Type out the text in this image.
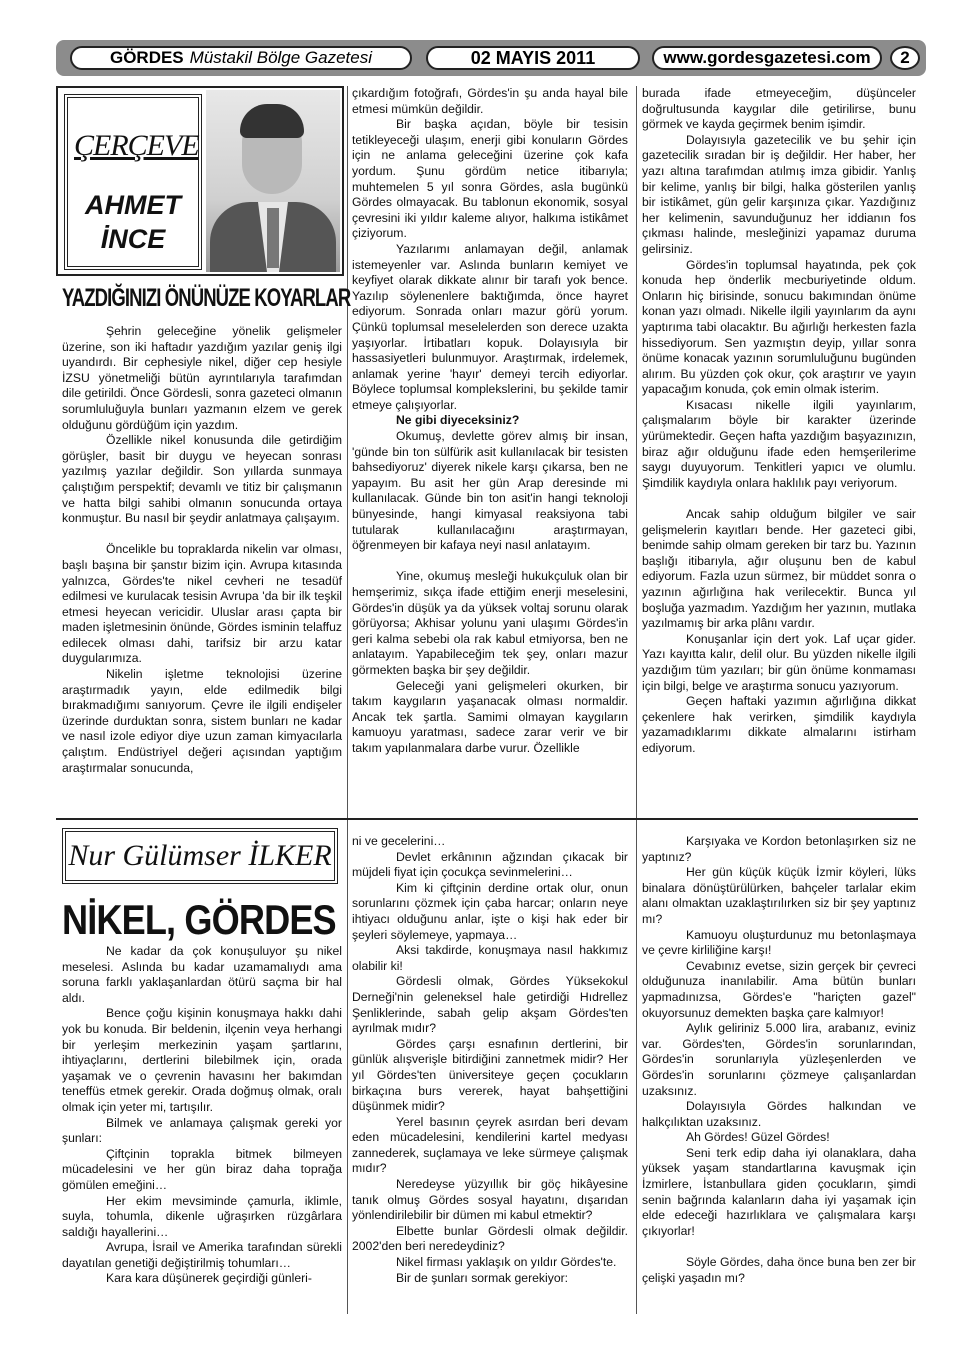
GÖRDES Müstakil Bölge Gazetesi	02 MAYIS 2011	www.gordesgazetesi.com	2
ÇERÇEVE
AHMET İNCE
YAZDIĞINIZI ÖNÜNÜZE KOYARLAR

Şehrin geleceğine yönelik gelişmeler üzerine, son iki haftadır yazdığım yazılar geniş ilgi uyandırdı. Bir cephesiyle nikel, diğer cep hesiyle İZSU yönetmeliği bütün ayrıntılarıyla tarafımdan dile getirildi. Önce Gördesli, sonra gazeteci olmanın sorumluluğuyla bunları yazmanın elzem ve gerek olduğunu gördüğüm için yazdım.

Özellikle nikel konusunda dile getirdiğim görüşler, basit bir duygu ve heyecan sonrası yazılmış yazılar değildir. Son yıllarda sunmaya çalıştığım perspektif; devamlı ve titiz bir çalışmanın ve hatta bilgi sahibi olmanın sonucunda ortaya konmuştur. Bu nasıl bir şeydir anlatmaya çalışayım.

Öncelikle bu topraklarda nikelin var olması, başlı başına bir şanstır bizim için. Avrupa kıtasında yalnızca, Gördes'te nikel cevheri ne tesadüf edilmesi ve kurulacak tesisin Avrupa 'da bir ilk teşkil etmesi heyecan vericidir. Uluslar arası çapta bir maden işletmesinin önünde, Gördes isminin telaffuz edilecek olması dahi, tarifsiz bir arzu katar duygularımıza.

Nikelin işletme teknolojisi üzerine araştırmadık yayın, elde edilmedik bilgi bırakmadığımı sanıyorum. Çevre ile ilgili endişeler üzerinde durduktan sonra, sistem bunları ne kadar ve nasıl izole ediyor diye uzun zaman kimyacılarla çalıştım. Endüstriyel değeri açısından yaptığım araştırmalar sonucunda,

çıkardığım fotoğrafı, Gördes'in şu anda hayal bile etmesi mümkün değildir.

Bir başka açıdan, böyle bir tesisin tetikleyeceği ulaşım, enerji gibi konuların Gördes için ne anlama geleceğini üzerine çok kafa yordum. Şunu gördüm netice itibarıyla; muhtemelen 5 yıl sonra Gördes, asla bugünkü Gördes olmayacak. Bu tablonun ekonomik, sosyal çevresini iki yıldır kaleme alıyor, halkıma istikâmet çiziyorum.

Yazılarımı anlamayan değil, anlamak istemeyenler var. Aslında bunların kemiyet ve keyfiyet olarak dikkate alınır bir tarafı yok bence. Yazılıp söylenenlere baktığımda, önce hayret ediyorum. Sonrada onları mazur görü yorum. Çünkü toplumsal meselelerden son derece uzakta yaşıyorlar. İrtibatları kopuk. Dolayısıyla bir hassasiyetleri bulunmuyor. Araştırmak, irdelemek, anlamak yerine 'hayır' demeyi tercih ediyorlar. Böylece toplumsal komplekslerini, bu şekilde tamir etmeye çalışıyorlar.

Ne gibi diyeceksiniz?

Okumuş, devlette görev almış bir insan, 'günde bin ton sülfürik asit kullanılacak bir tesisten bahsediyoruz' diyerek nikele karşı çıkarsa, ben ne yapayım. Bu asit her gün Arap deresinde mi kullanılacak. Günde bin ton asit'in hangi teknoloji bünyesinde, hangi kimyasal reaksiyona tabi tutularak kullanılacağını araştırmayan, öğrenmeyen bir kafaya neyi nasıl anlatayım.

Yine, okumuş mesleği hukukçuluk olan bir hemşerimiz, sıkça ifade ettiğim enerji meselesini, Gördes'in düşük ya da yüksek voltaj sorunu olarak görüyorsa; Akhisar yolunu yani ulaşımı Gördes'in geri kalma sebebi ola rak kabul etmiyorsa, ben ne anlatayım. Yapabileceğim tek şey, onları mazur görmekten başka bir şey değildir.

Geleceği yani gelişmeleri okurken, bir takım kaygıların yaşanacak olması normaldir. Ancak tek şartla. Samimi olmayan kaygıların kamuoyu yaratması, sadece zarar verir ve bir takım yapılanmalara darbe vurur. Özellikle

burada ifade etmeyeceğim, düşünceler doğrultusunda kaygılar dile getirilirse, bunu görmek ve kayda geçirmek benim işimdir.

Dolayısıyla gazetecilik ve bu şehir için gazetecilik sıradan bir iş değildir. Her haber, her yazı altına tarafımdan atılmış imza gibidir. Yanlış bir kelime, yanlış bir bilgi, halka gösterilen yanlış bir istikâmet, gün gelir karşınıza çıkar. Yazdığınız her kelimenin, savunduğunuz her iddianın fos çıkması halinde, mesleğinizi yapamaz duruma gelirsiniz.

Gördes'in toplumsal hayatında, pek çok konuda hep önderlik mecburiyetinde oldum. Onların hiç birisinde, sonucu bakımından önüme konan yazı olmadı. Nikelle ilgili yayınlarım da aynı yaptırıma tabi olacaktır. Bu ağırlığı herkesten fazla hissediyorum. Sen yazmıştın deyip, yıllar sonra önüme konacak yazının sorumluluğunu bugünden alırım. Bu yüzden çok okur, çok araştırır ve yayın yapacağım konuda, çok emin olmak isterim.

Kısacası nikelle ilgili yayınlarım, çalışmalarım böyle bir karakter üzerinde yürümektedir. Geçen hafta yazdığım başyazınızın, biraz ağır olduğunu ifade eden hemşerilerime saygı duyuyorum. Tenkitleri yapıcı ve olumlu. Şimdilik kaydıyla onlara haklılık payı veriyorum.

Ancak sahip olduğum bilgiler ve sair gelişmelerin kayıtları bende. Her gazeteci gibi, benimde sahip olmam gereken bir tarz bu. Yazının başlığı itibarıyla, ağır oluşunu ben de kabul ediyorum. Fazla uzun sürmez, bir müddet sonra o yazının ağırlığına hak verilecektir. Bunca yıl boşluğa yazmadım. Yazdığım her yazının, mutlaka yazılmamış bir arka plânı vardır.

Konuşanlar için dert yok. Laf uçar gider. Yazı kayıtta kalır, delil olur. Bu yüzden nikelle ilgili yazdığım tüm yazıları; bir gün önüme konmaması için bilgi, belge ve araştırma sonucu yazıyorum.

Geçen haftaki yazımın ağırlığına dikkat çekenlere hak verirken, şimdilik kaydıyla yazamadıklarımı dikkate almalarını istirham ediyorum.

Nur Gülümser İLKER
NİKEL, GÖRDES

Ne kadar da çok konuşuluyor şu nikel meselesi. Aslında bu kadar uzamamalıydı ama soruna farklı yaklaşanlardan ötürü saçma bir hal aldı.

Bence çoğu kişinin konuşmaya hakkı dahi yok bu konuda. Bir beldenin, ilçenin veya herhangi bir yerleşim merkezinin yaşam şartlarını, ihtiyaçlarını, dertlerini bilebilmek için, orada yaşamak ve o çevrenin havasını her bakımdan teneffüs etmek gerekir. Orada doğmuş olmak, oralı olmak için yeter mi, tartışılır.

Bilmek ve anlamaya çalışmak gereki yor şunları:

Çiftçinin toprakla bitmek bilmeyen mücadelesini ve her gün biraz daha toprağa gömülen emeğini…

Her ekim mevsiminde çamurla, iklimle, suyla, tohumla, dikenle uğraşırken rüzgârlara saldığı hayallerini…

Avrupa, İsrail ve Amerika tarafından sürekli dayatılan genetiği değiştirilmiş tohumları…

Kara kara düşünerek geçirdiği günleri-

ni ve gecelerini…

Devlet erkânının ağzından çıkacak bir müjdeli fiyat için çocukça sevinmelerini…

Kim ki çiftçinin derdine ortak olur, onun sorunlarını çözmek için çaba harcar; onların neye ihtiyacı olduğunu anlar, işte o kişi hak eder bir şeyleri söylemeye, yapmaya…

Aksi takdirde, konuşmaya nasıl hakkımız olabilir ki!

Gördesli olmak, Gördes Yüksekokul Derneği'nin geleneksel hale getirdiği Hıdrellez Şenliklerinde, sabah gelip akşam Gördes'ten ayrılmak mıdır?

Gördes çarşı esnafının dertlerini, bir günlük alışverişle bitirdiğini zannetmek midir? Her yıl Gördes'ten üniversiteye geçen çocukların birkaçına burs vererek, hayat bahşettiğini düşünmek midir?

Yerel basının çeyrek asırdan beri devam eden mücadelesini, kendilerini kartel medyası zannederek, suçlamaya ve leke sürmeye çalışmak mıdır?

Neredeyse yüzyıllık bir göç hikâyesine tanık olmuş Gördes sosyal hayatını, dışarıdan yönlendirilebilir bir dümen mi kabul etmektir?

Elbette bunlar Gördesli olmak değildir. 2002'den beri neredeydiniz?

Nikel firması yaklaşık on yıldır Gördes'te.

Bir de şunları sormak gerekiyor:

Karşıyaka ve Kordon betonlaşırken siz ne yaptınız?

Her gün küçük küçük İzmir köyleri, lüks binalara dönüştürülürken, bahçeler tarlalar ekim alanı olmaktan uzaklaştırılırken siz bir şey yaptınız mı?

Kamuoyu oluşturdunuz mu betonlaşmaya ve çevre kirliliğine karşı!

Cevabınız evetse, sizin gerçek bir çevreci olduğunuza inanılabilir. Ama bütün bunları yapmadınızsa, Gördes'e "hariçten gazel" okuyorsunuz demekten başka çare kalmıyor!

Aylık geliriniz 5.000 lira, arabanız, eviniz var. Gördes'ten, Gördes'in sorunlarından, Gördes'in sorunlarıyla yüzleşenlerden ve Gördes'in sorunlarını çözmeye çalışanlardan uzaksınız.

Dolayısıyla Gördes halkından ve halkçılıktan uzaksınız.

Ah Gördes! Güzel Gördes!

Seni terk edip daha iyi olanaklara, daha yüksek yaşam standartlarına kavuşmak için İzmirlere, İstanbullara giden çocukların, şimdi senin bağrında kalanların daha iyi yaşamak için elde edeceği hazırlıklara ve çalışmalara karşı çıkıyorlar!

Söyle Gördes, daha önce buna ben zer bir çelişki yaşadın mı?
